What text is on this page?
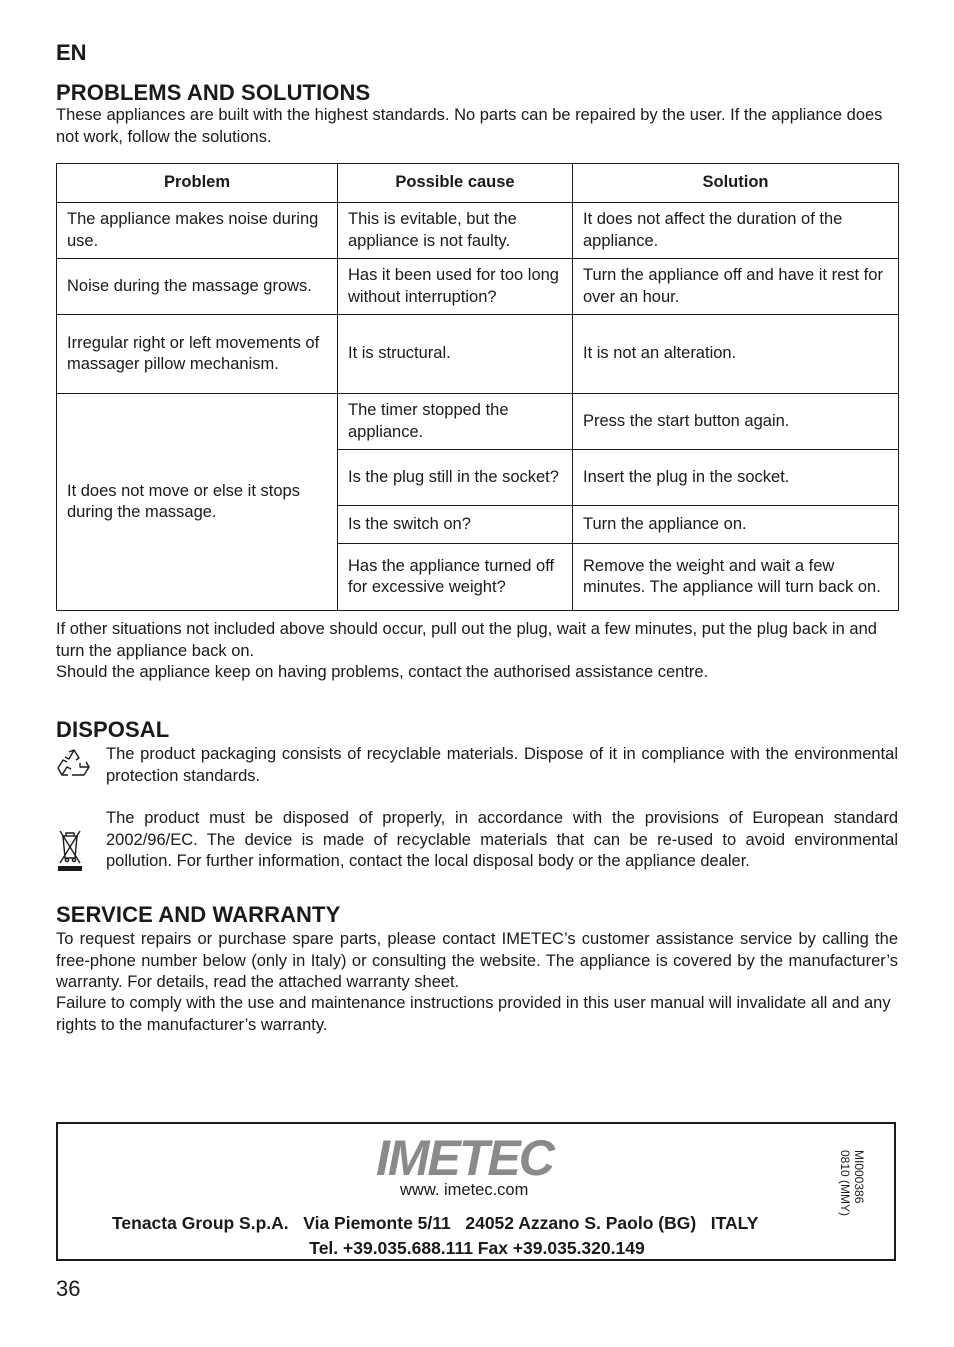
EN
PROBLEMS AND SOLUTIONS
These appliances are built with the highest standards. No parts can be repaired by the user. If the appliance does not work, follow the solutions.
Problem	Possible cause	Solution
The appliance makes noise during use.	This is evitable, but the appliance is not faulty.	It does not affect the duration of the appliance.
Noise during the massage grows.	Has it been used for too long without interruption?	Turn the appliance off and have it rest for over an hour.
Irregular right or left movements of massager pillow mechanism.	It is structural.	It is not an alteration.
It does not move or else it stops during the massage.	The timer stopped the appliance.	Press the start button again.
	Is the plug still in the socket?	Insert the plug in the socket.
	Is the switch on?	Turn the appliance on.
	Has the appliance turned off for excessive weight?	Remove the weight and wait a few minutes. The appliance will turn back on.
If other situations not included above should occur, pull out the plug, wait a few minutes, put the plug back in and turn the appliance back on.
Should the appliance keep on having problems, contact the authorised assistance centre.
DISPOSAL
The product packaging consists of recyclable materials. Dispose of it in compliance with the environmental protection standards.
The product must be disposed of properly, in accordance with the provisions of European standard 2002/96/EC. The device is made of recyclable materials that can be re-used to avoid environmental pollution. For further information, contact the local disposal body or the appliance dealer.
SERVICE AND WARRANTY
To request repairs or purchase spare parts, please contact IMETEC’s customer assistance service by calling the free-phone number below (only in Italy) or consulting the website. The appliance is covered by the manufacturer’s warranty. For details, read the attached warranty sheet.
Failure to comply with the use and maintenance instructions provided in this user manual will invalidate all and any rights to the manufacturer’s warranty.
IMETEC
www. imetec.com
Tenacta Group S.p.A.   Via Piemonte 5/11   24052 Azzano S. Paolo (BG)   ITALY
Tel. +39.035.688.111 Fax +39.035.320.149
MI000386
0810 (MMY)
36
